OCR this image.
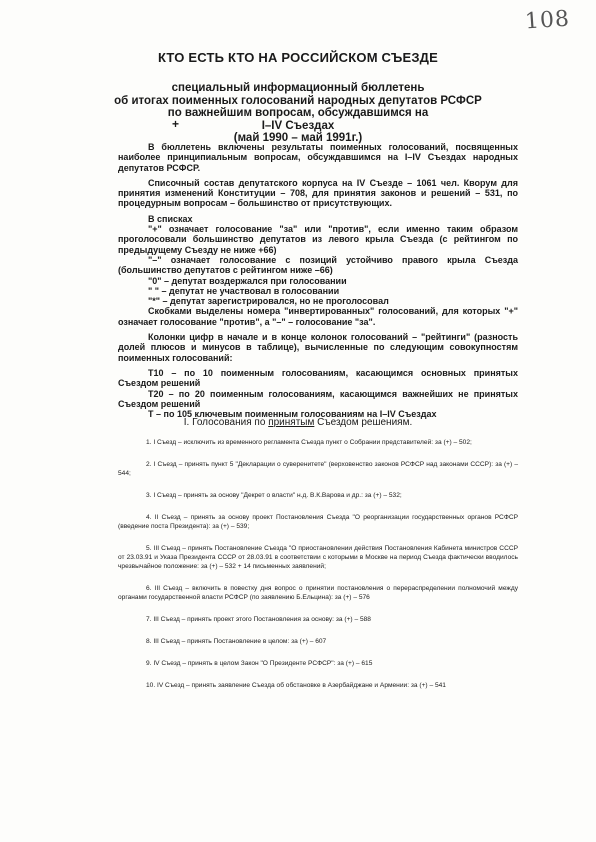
108
КТО ЕСТЬ КТО НА РОССИЙСКОМ СЪЕЗДЕ
специальный информационный бюллетень
об итогах поименных голосований народных депутатов РСФСР
по важнейшим вопросам, обсуждавшимся на
I–IV Съездах
(май 1990 – май 1991г.)
+

В бюллетень включены результаты поименных голосований, посвященных наиболее принципиальным вопросам, обсуждавшимся на I–IV Съездах народных депутатов РСФСР.

Списочный состав депутатского корпуса на IV Съезде – 1061 чел. Кворум для принятия изменений Конституции – 708, для принятия законов и решений – 531, по процедурным вопросам – большинство от присутствующих.

В списках

"+" означает голосование "за" или "против", если именно таким образом проголосовали большинство депутатов из левого крыла Съезда (с рейтингом по предыдущему Съезду не ниже +66)

"–" означает голосование с позиций устойчиво правого крыла Съезда (большинство депутатов с рейтингом ниже –66)

"0" – депутат воздержался при голосовании

" " – депутат не участвовал в голосовании

"*" – депутат зарегистрировался, но не проголосовал

Скобками выделены номера "инвертированных" голосований, для которых "+" означает голосование "против", а "–" – голосование "за".

Колонки цифр в начале и в конце колонок голосований – "рейтинги" (разность долей плюсов и минусов в таблице), вычисленные по следующим совокупностям поименных голосований:

Т10 – по 10 поименным голосованиям, касающимся основных принятых Съездом решений

Т20 – по 20 поименным голосованиям, касающимся важнейших не принятых Съездом решений

Т – по 105 ключевым поименным голосованиям на I–IV Съездах

I. Голосования по принятым Съездом решениям.

1. I Съезд – исключить из временного регламента Съезда пункт о Собрании представителей: за (+) – 502;

2. I Съезд – принять пункт 5 "Декларации о суверенитете" (верховенство законов РСФСР над законами СССР): за (+) – 544;

3. I Съезд – принять за основу "Декрет о власти" н.д. В.К.Варова и др.: за (+) – 532;

4. II Съезд – принять за основу проект Постановления Съезда "О реорганизации государственных органов РСФСР (введение поста Президента): за (+) – 539;

5. III Съезд – принять Постановление Съезда "О приостановлении действия Постановления Кабинета министров СССР от 23.03.91 и Указа Президента СССР от 28.03.91 в соответствии с которыми в Москве на период Съезда фактически вводилось чрезвычайное положение: за (+) – 532 + 14 письменных заявлений;

6. III Съезд – включить в повестку дня вопрос о принятии постановления о перераспределении полномочий между органами государственной власти РСФСР (по заявлению Б.Ельцина): за (+) – 576

7. III Съезд – принять проект этого Постановления за основу: за (+) – 588

8. III Съезд – принять Постановление в целом: за (+) – 607

9. IV Съезд – принять в целом Закон "О Президенте РСФСР": за (+) – 615

10. IV Съезд – принять заявление Съезда об обстановке в Азербайджане и Армении: за (+) – 541
